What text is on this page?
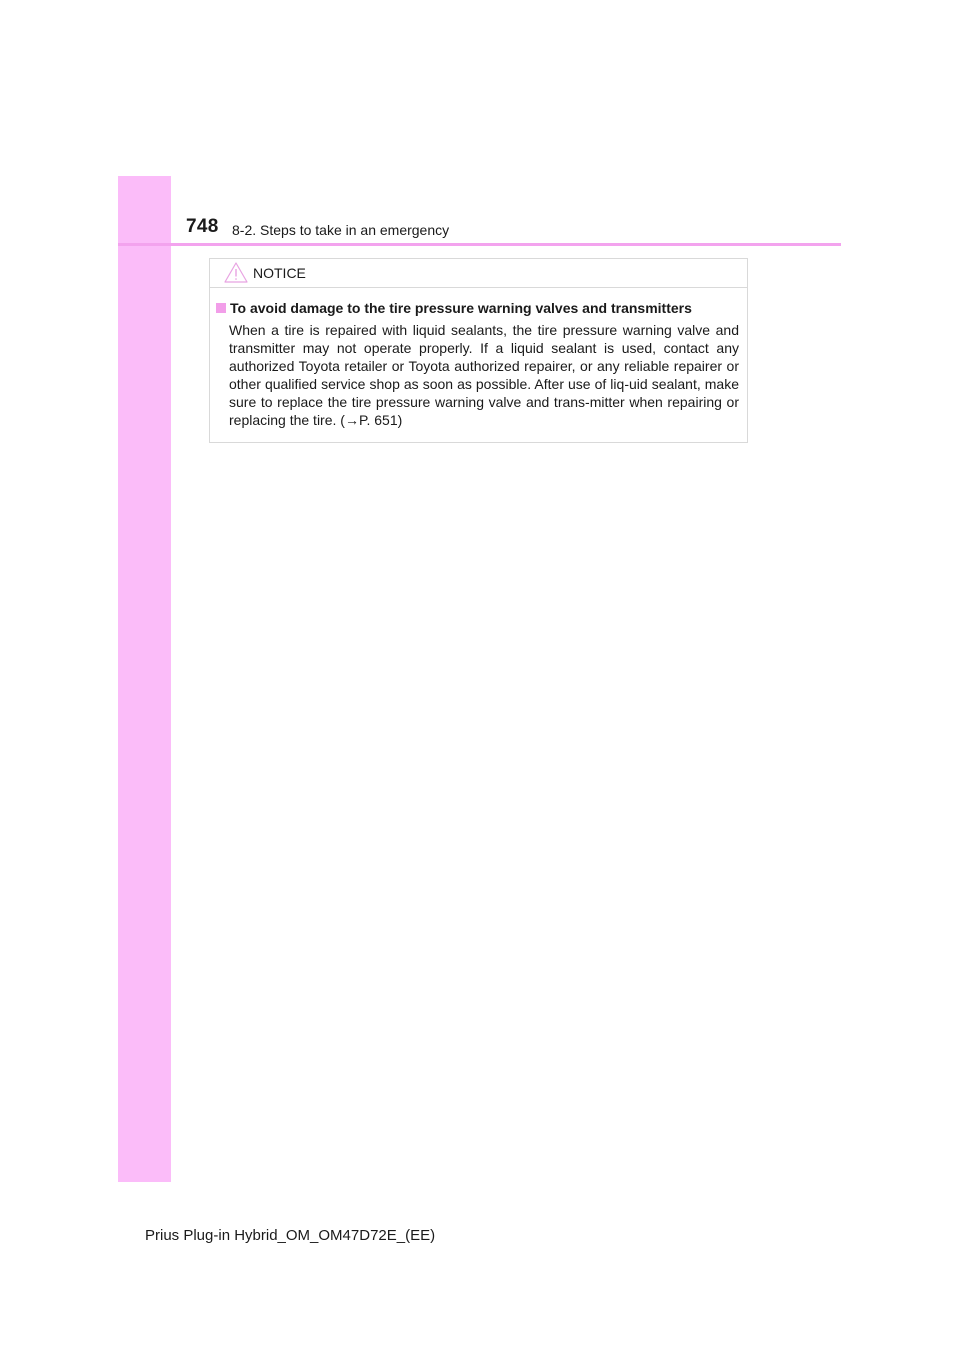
748 8-2. Steps to take in an emergency
NOTICE
To avoid damage to the tire pressure warning valves and transmitters

When a tire is repaired with liquid sealants, the tire pressure warning valve and transmitter may not operate properly. If a liquid sealant is used, contact any authorized Toyota retailer or Toyota authorized repairer, or any reliable repairer or other qualified service shop as soon as possible. After use of liq-uid sealant, make sure to replace the tire pressure warning valve and trans-mitter when repairing or replacing the tire. (→P. 651)

Prius Plug-in Hybrid_OM_OM47D72E_(EE)
